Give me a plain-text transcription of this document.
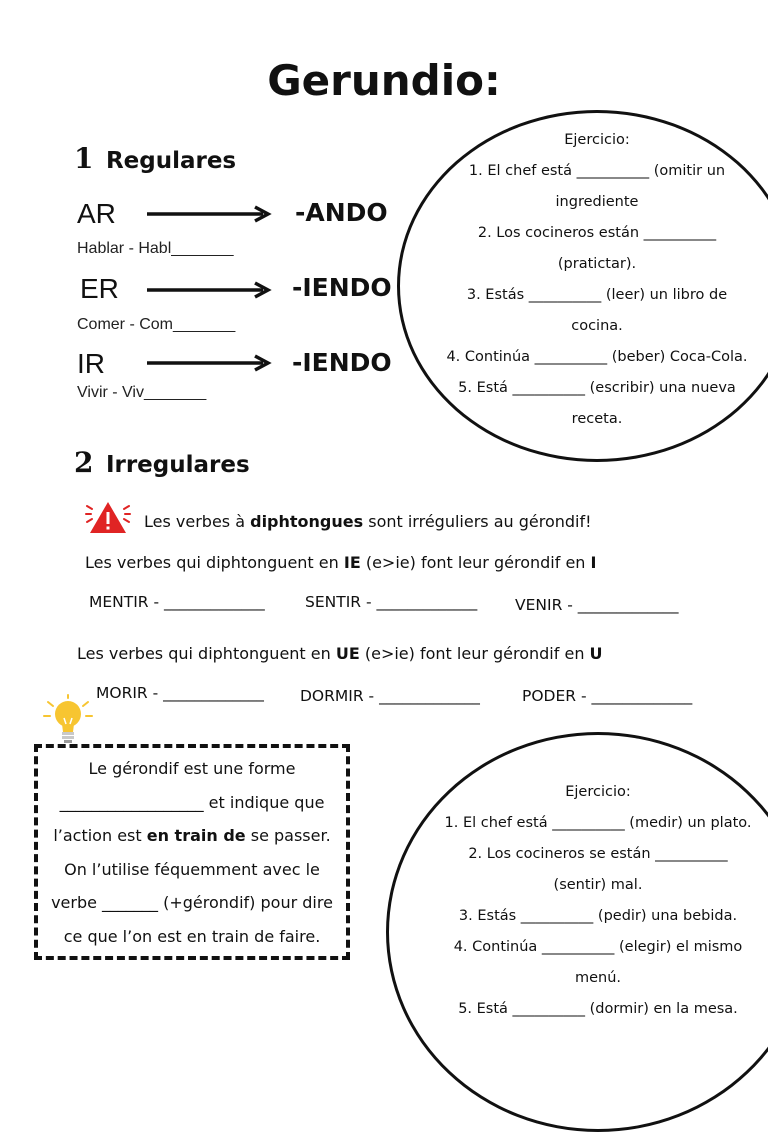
Gerundio:
1 Regulares
AR	-ANDO
Hablar - Habl_______
ER	-IENDO
Comer - Com_______
IR	-IENDO
Vivir - Viv_______
Ejercicio:
1. El chef está __________ (omitir un
ingrediente
2. Los cocineros están __________
(pratictar).
3. Estás __________ (leer) un libro de
cocina.
4. Continúa __________ (beber) Coca-Cola.
5. Está __________ (escribir) una nueva
receta.
2 Irregulares
Les verbes à diphtongues sont irréguliers au gérondif!
Les verbes qui diphtonguent en IE (e>ie) font leur gérondif en I
MENTIR - _____________	SENTIR - _____________ VENIR - _____________
Les verbes qui diphtonguent en UE (e>ie) font leur gérondif en U
MORIR - _____________ DORMIR - _____________	PODER - _____________
Le gérondif est une forme
__________________ et indique que
l’action est en train de se passer.
On l’utilise féquemment avec le
verbe _______ (+gérondif) pour dire
ce que l’on est en train de faire.
Ejercicio:
1. El chef está __________ (medir) un plato.
2. Los cocineros se están __________
(sentir) mal.
3. Estás __________ (pedir) una bebida.
4. Continúa __________ (elegir) el mismo
menú.
5. Está __________ (dormir) en la mesa.
